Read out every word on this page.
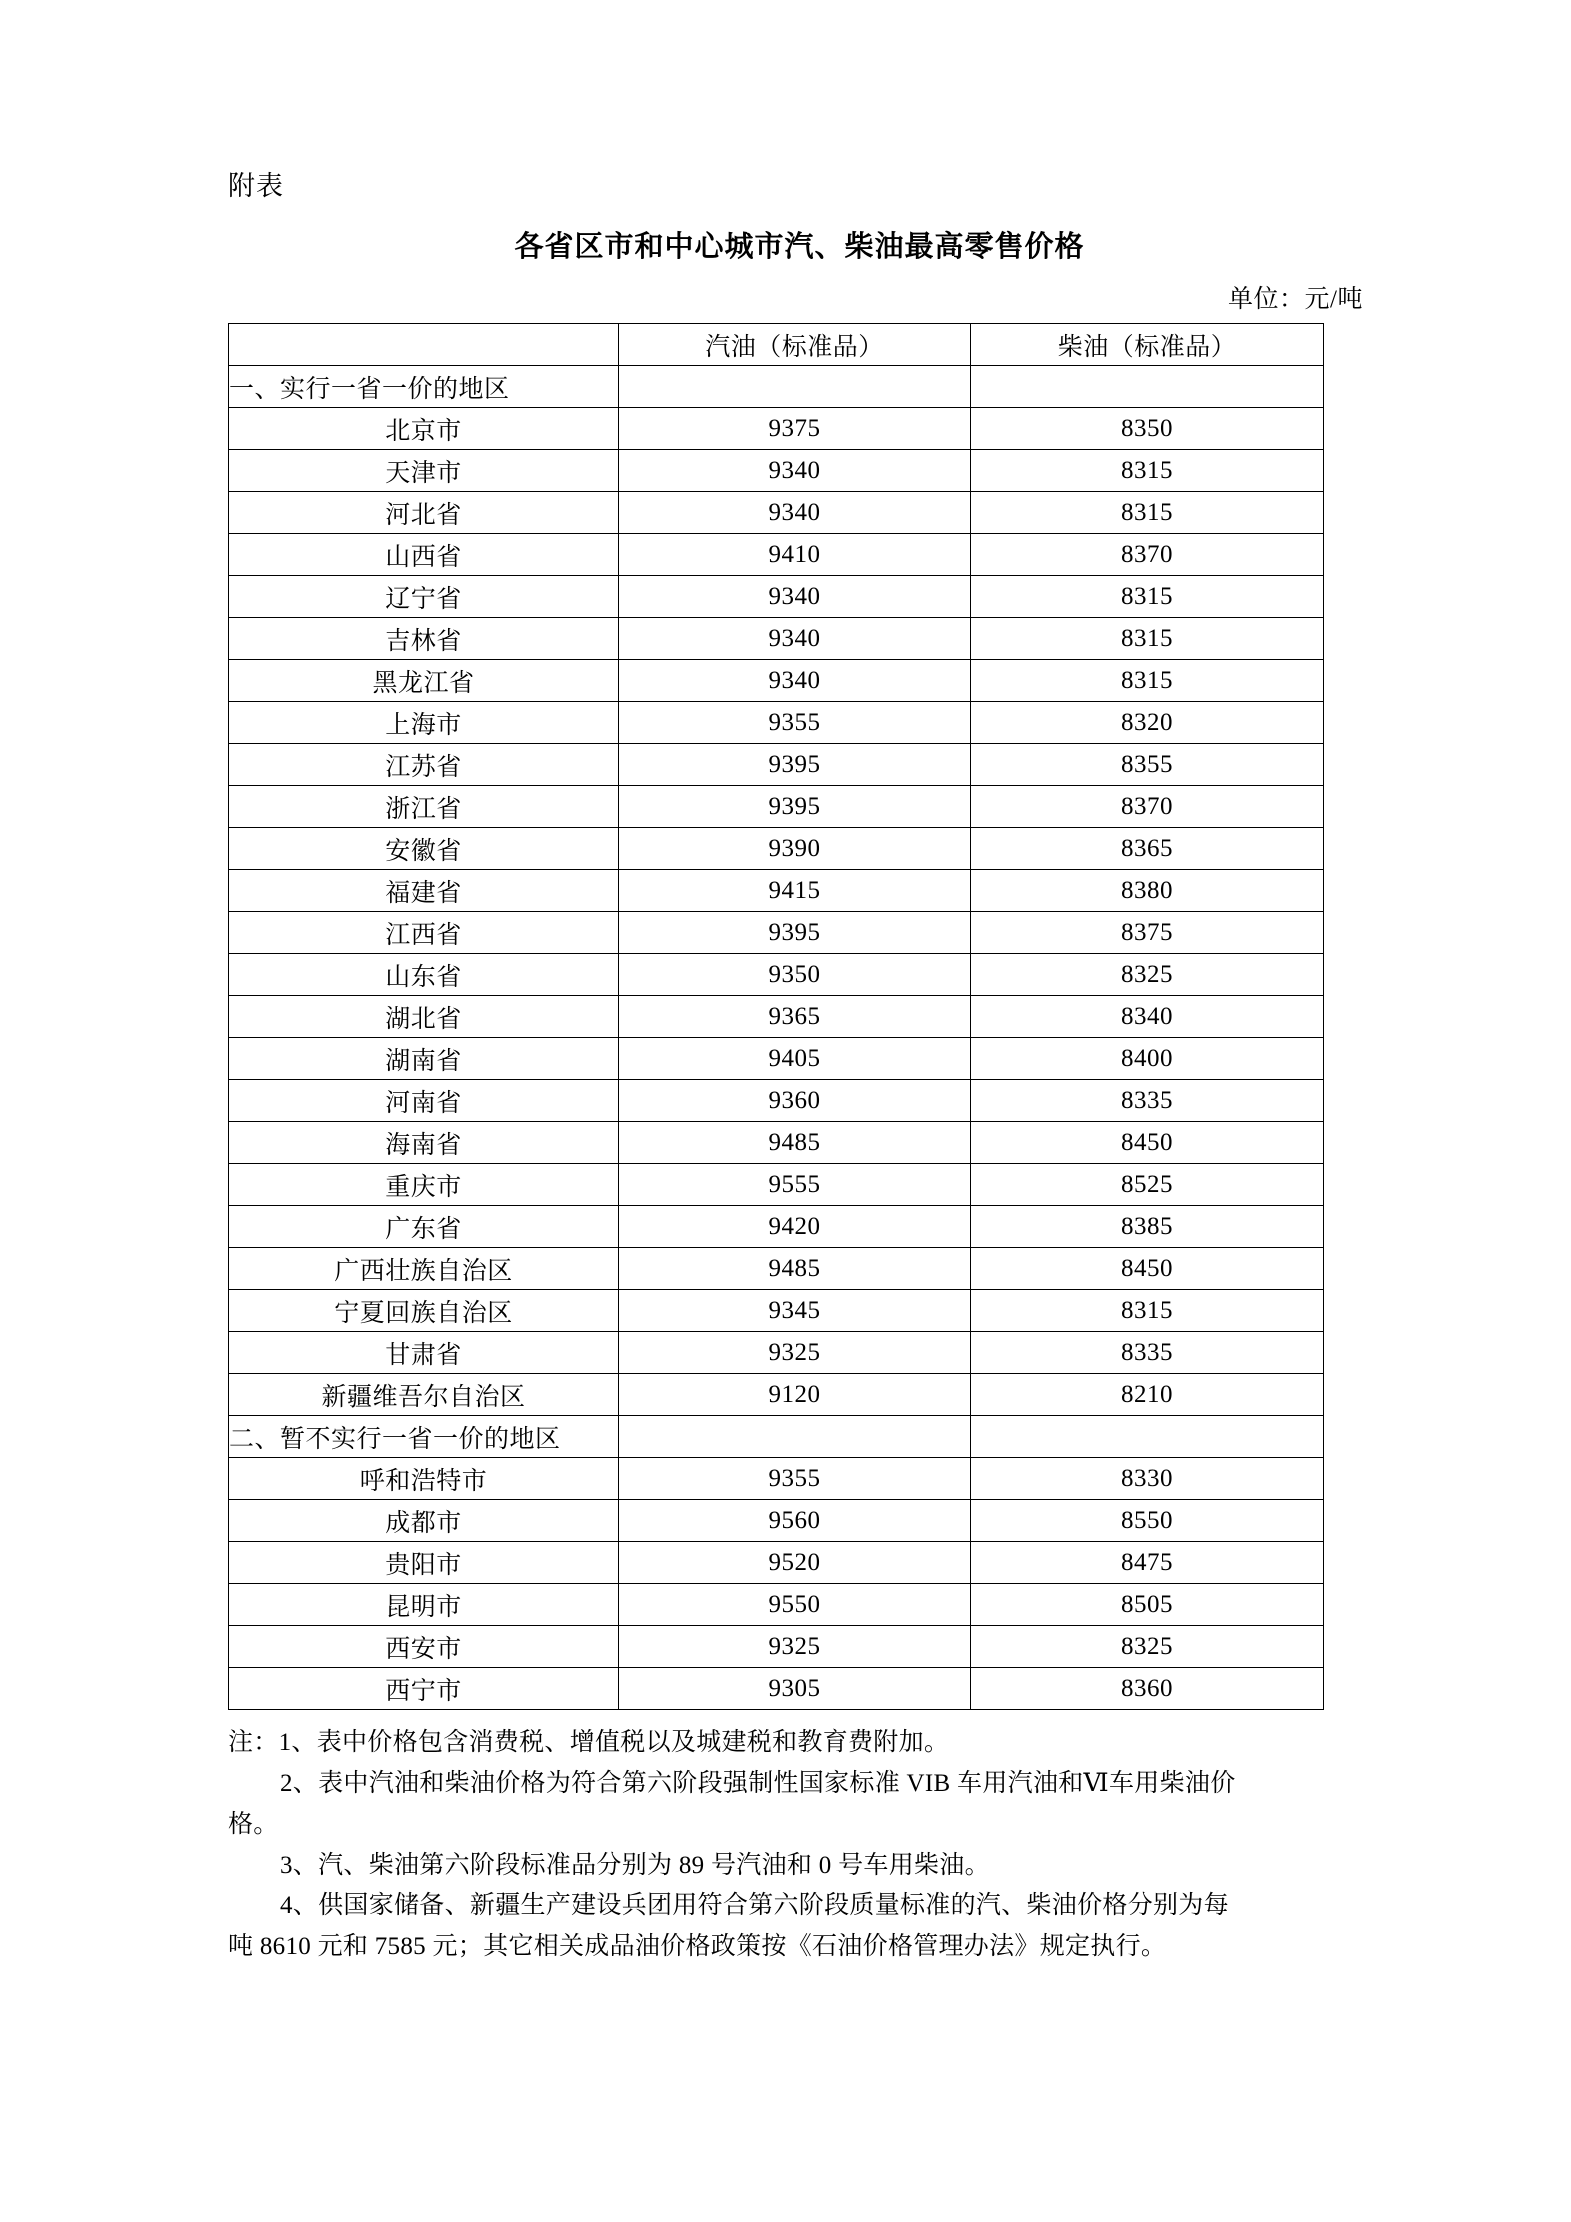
附表
各省区市和中心城市汽、柴油最高零售价格
单位：元/吨
	汽油（标准品）	柴油（标准品）
一、实行一省一价的地区		
北京市	9375	8350
天津市	9340	8315
河北省	9340	8315
山西省	9410	8370
辽宁省	9340	8315
吉林省	9340	8315
黑龙江省	9340	8315
上海市	9355	8320
江苏省	9395	8355
浙江省	9395	8370
安徽省	9390	8365
福建省	9415	8380
江西省	9395	8375
山东省	9350	8325
湖北省	9365	8340
湖南省	9405	8400
河南省	9360	8335
海南省	9485	8450
重庆市	9555	8525
广东省	9420	8385
广西壮族自治区	9485	8450
宁夏回族自治区	9345	8315
甘肃省	9325	8335
新疆维吾尔自治区	9120	8210
二、暂不实行一省一价的地区		
呼和浩特市	9355	8330
成都市	9560	8550
贵阳市	9520	8475
昆明市	9550	8505
西安市	9325	8325
西宁市	9305	8360

注：1、表中价格包含消费税、增值税以及城建税和教育费附加。

2、表中汽油和柴油价格为符合第六阶段强制性国家标准 VIB 车用汽油和Ⅵ车用柴油价

格。

3、汽、柴油第六阶段标准品分别为 89 号汽油和 0 号车用柴油。

4、供国家储备、新疆生产建设兵团用符合第六阶段质量标准的汽、柴油价格分别为每

吨 8610 元和 7585 元；其它相关成品油价格政策按《石油价格管理办法》规定执行。
